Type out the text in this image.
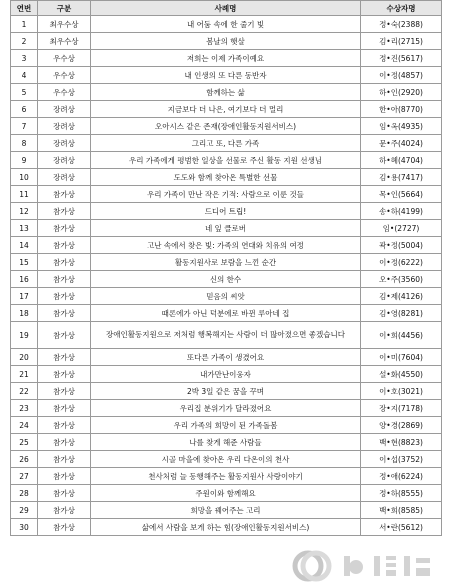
연번	구분	사례명	수상자명
1	최우수상	내 어둠 속에 한 줄기 빛	정•숙(2388)
2	최우수상	봄날의 햇살	김•리(2715)
3	우수상	저희는 이제 가족이예요	정•진(5617)
4	우수상	내 인생의 또 다른 동반자	이•정(4857)
5	우수상	함께하는 삶	하•인(2920)
6	장려상	지금보다 더 나은, 여기보다 더 멀리	한•아(8770)
7	장려상	오아시스 같은 존재(장애인활동지원서비스)	임•옥(4935)
8	장려상	그리고 또, 다른 가족	문•주(4024)
9	장려상	우리 가족에게 평범한 일상을 선물로 주신 활동 지원 선생님	하•혜(4704)
10	장려상	도도와 함께 찾아온 특별한 선물	김•용(7417)
11	참가상	우리 가족이 만난 작은 기적: 사람으로 이룬 것들	목•인(5664)
12	참가상	드디어 트립!	송•하(4199)
13	참가상	네 잎 클로버	임•(2727)
14	참가상	고난 속에서 찾은 빛: 가족의 연대와 치유의 여정	곽•정(5004)
15	참가상	활동지원사로 보람을 느낀 순간	이•정(6222)
16	참가상	신의 한수	오•주(3560)
17	참가상	믿음의 씨앗	김•제(4126)
18	참가상	때론에가 아닌 덕분에로 바뀐 루아네 집	김•영(8281)
19	참가상	장애인활동지원으로 저처럼 행복해지는 사람이 더 많아졌으면 좋겠습니다	이•희(4456)
20	참가상	또다른 가족이 생겼어요	이•미(7604)
21	참가상	내가만난이웅자	설•화(4550)
22	참가상	2박 3일 같은 꿈을 꾸며	이•호(3021)
23	참가상	우리집 분위기가 달라졌어요	장•지(7178)
24	참가상	우리 가족의 희망이 된 가족돌봄	양•경(2869)
25	참가상	나를 찾게 해준 사람들	백•현(8823)
26	참가상	시골 마을에 찾아온 우리 다온이의 천사	이•섭(3752)
27	참가상	천사처럼 늘 동행해주는 활동지원사 사랑이야기	정•애(6224)
28	참가상	주원이와 함께해요	정•하(8555)
29	참가상	희망을 꿰어주는 고리	백•희(8585)
30	참가상	삶에서 사람을 보게 하는 힘(장애인활동지원서비스)	서•란(5612)
